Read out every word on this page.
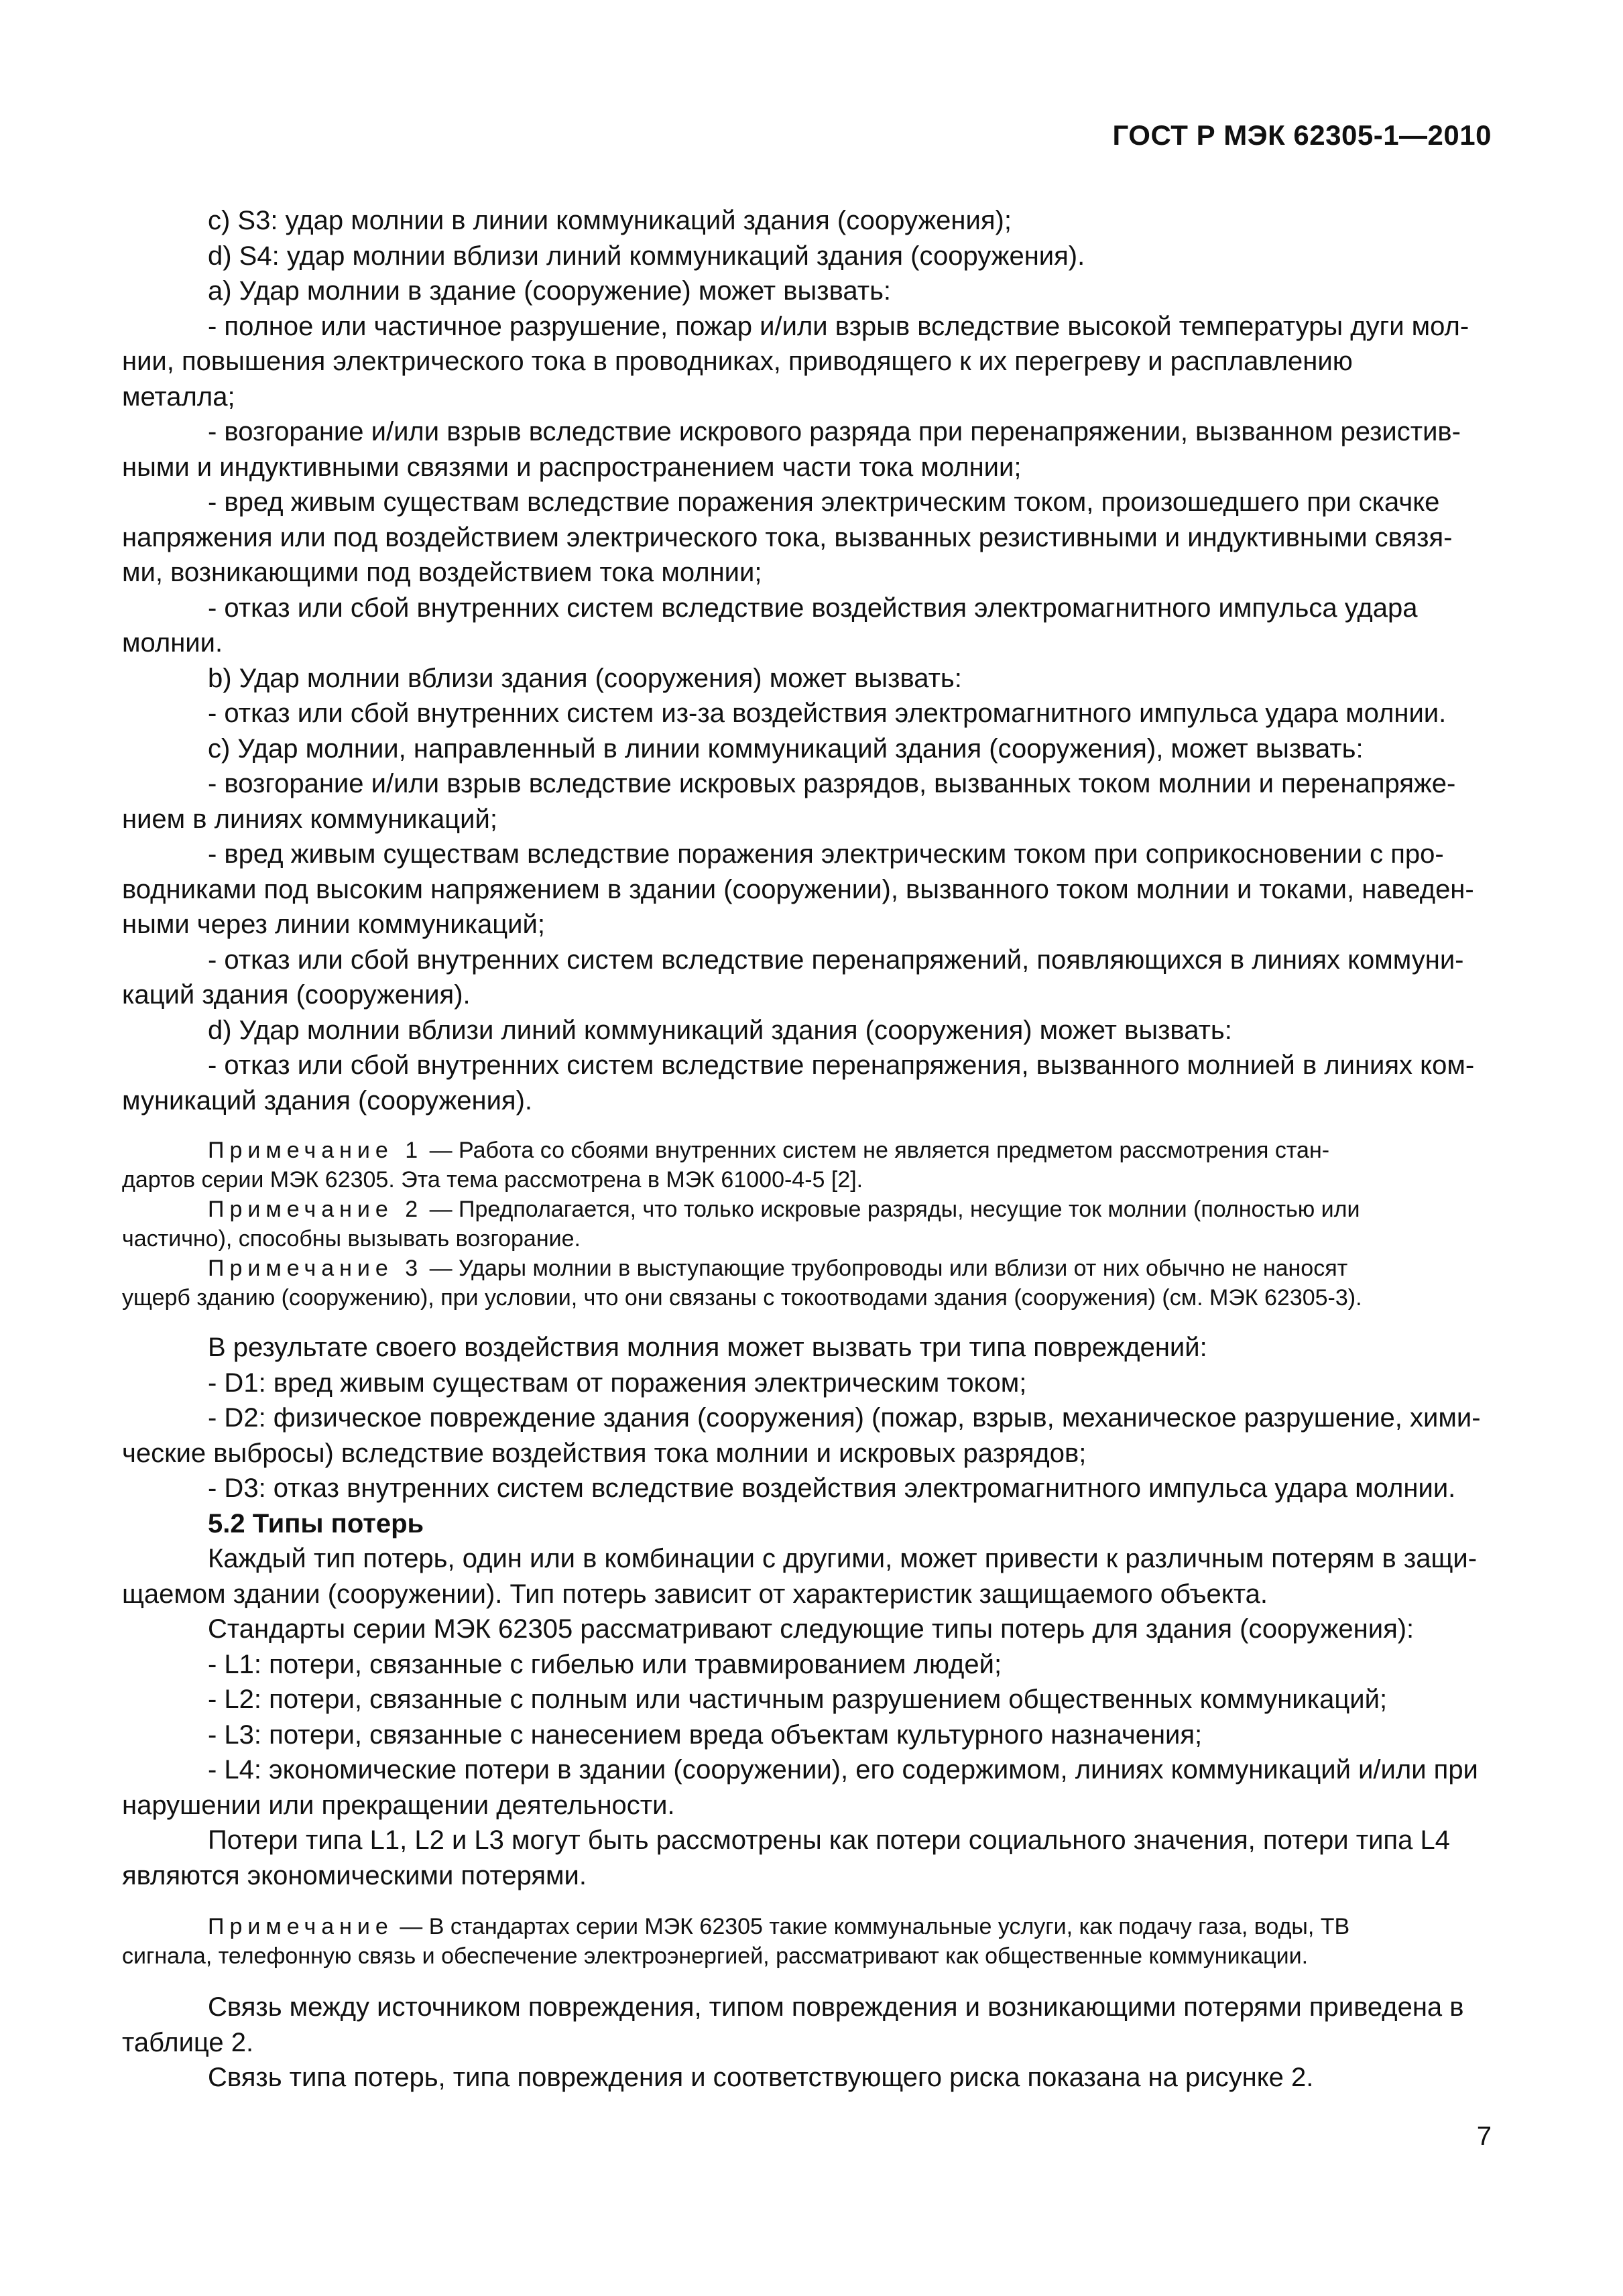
ГОСТ Р МЭК 62305-1—2010

c) S3: удар молнии в линии коммуникаций здания (сооружения);

d) S4: удар молнии вблизи линий коммуникаций здания (сооружения).

a) Удар молнии в здание (сооружение) может вызвать:

- полное или частичное разрушение, пожар и/или взрыв вследствие высокой температуры дуги мол-
нии, повышения электрического тока в проводниках, приводящего к их перегреву и расплавлению
металла;

- возгорание и/или взрыв вследствие искрового разряда при перенапряжении, вызванном резистив-
ными и индуктивными связями и распространением части тока молнии;

- вред живым существам вследствие поражения электрическим током, произошедшего при скачке
напряжения или под воздействием электрического тока, вызванных резистивными и индуктивными связя-
ми, возникающими под воздействием тока молнии;

- отказ или сбой внутренних систем вследствие воздействия электромагнитного импульса удара
молнии.

b) Удар молнии вблизи здания (сооружения) может вызвать:

- отказ или сбой внутренних систем из-за воздействия электромагнитного импульса удара молнии.

c) Удар молнии, направленный в линии коммуникаций здания (сооружения), может вызвать:

- возгорание и/или взрыв вследствие искровых разрядов, вызванных током молнии и перенапряже-
нием в линиях коммуникаций;

- вред живым существам вследствие поражения электрическим током при соприкосновении с про-
водниками под высоким напряжением в здании (сооружении), вызванного током молнии и токами, наведен-
ными через линии коммуникаций;

- отказ или сбой внутренних систем вследствие перенапряжений, появляющихся в линиях коммуни-
каций здания (сооружения).

d) Удар молнии вблизи линий коммуникаций здания (сооружения) может вызвать:

- отказ или сбой внутренних систем вследствие перенапряжения, вызванного молнией в линиях ком-
муникаций здания (сооружения).

Примечание 1 — Работа со сбоями внутренних систем не является предметом рассмотрения стан-
дартов серии МЭК 62305. Эта тема рассмотрена в МЭК 61000-4-5 [2].

Примечание 2 — Предполагается, что только искровые разряды, несущие ток молнии (полностью или
частично), способны вызывать возгорание.

Примечание 3 — Удары молнии в выступающие трубопроводы или вблизи от них обычно не наносят
ущерб зданию (сооружению), при условии, что они связаны с токоотводами здания (сооружения) (см. МЭК 62305-3).

В результате своего воздействия молния может вызвать три типа повреждений:

- D1: вред живым существам от поражения электрическим током;

- D2: физическое повреждение здания (сооружения) (пожар, взрыв, механическое разрушение, хими-
ческие выбросы) вследствие воздействия тока молнии и искровых разрядов;

- D3: отказ внутренних систем вследствие воздействия электромагнитного импульса удара молнии.

5.2 Типы потерь

Каждый тип потерь, один или в комбинации с другими, может привести к различным потерям в защи-
щаемом здании (сооружении). Тип потерь зависит от характеристик защищаемого объекта.

Стандарты серии МЭК 62305 рассматривают следующие типы потерь для здания (сооружения):

- L1: потери, связанные с гибелью или травмированием людей;

- L2: потери, связанные с полным или частичным разрушением общественных коммуникаций;

- L3: потери, связанные с нанесением вреда объектам культурного назначения;

- L4: экономические потери в здании (сооружении), его содержимом, линиях коммуникаций и/или при
нарушении или прекращении деятельности.

Потери типа L1, L2 и L3 могут быть рассмотрены как потери социального значения, потери типа L4
являются экономическими потерями.

Примечание — В стандартах серии МЭК 62305 такие коммунальные услуги, как подачу газа, воды, ТВ
сигнала, телефонную связь и обеспечение электроэнергией, рассматривают как общественные коммуникации.

Связь между источником повреждения, типом повреждения и возникающими потерями приведена в
таблице 2.

Связь типа потерь, типа повреждения и соответствующего риска показана на рисунке 2.

7
